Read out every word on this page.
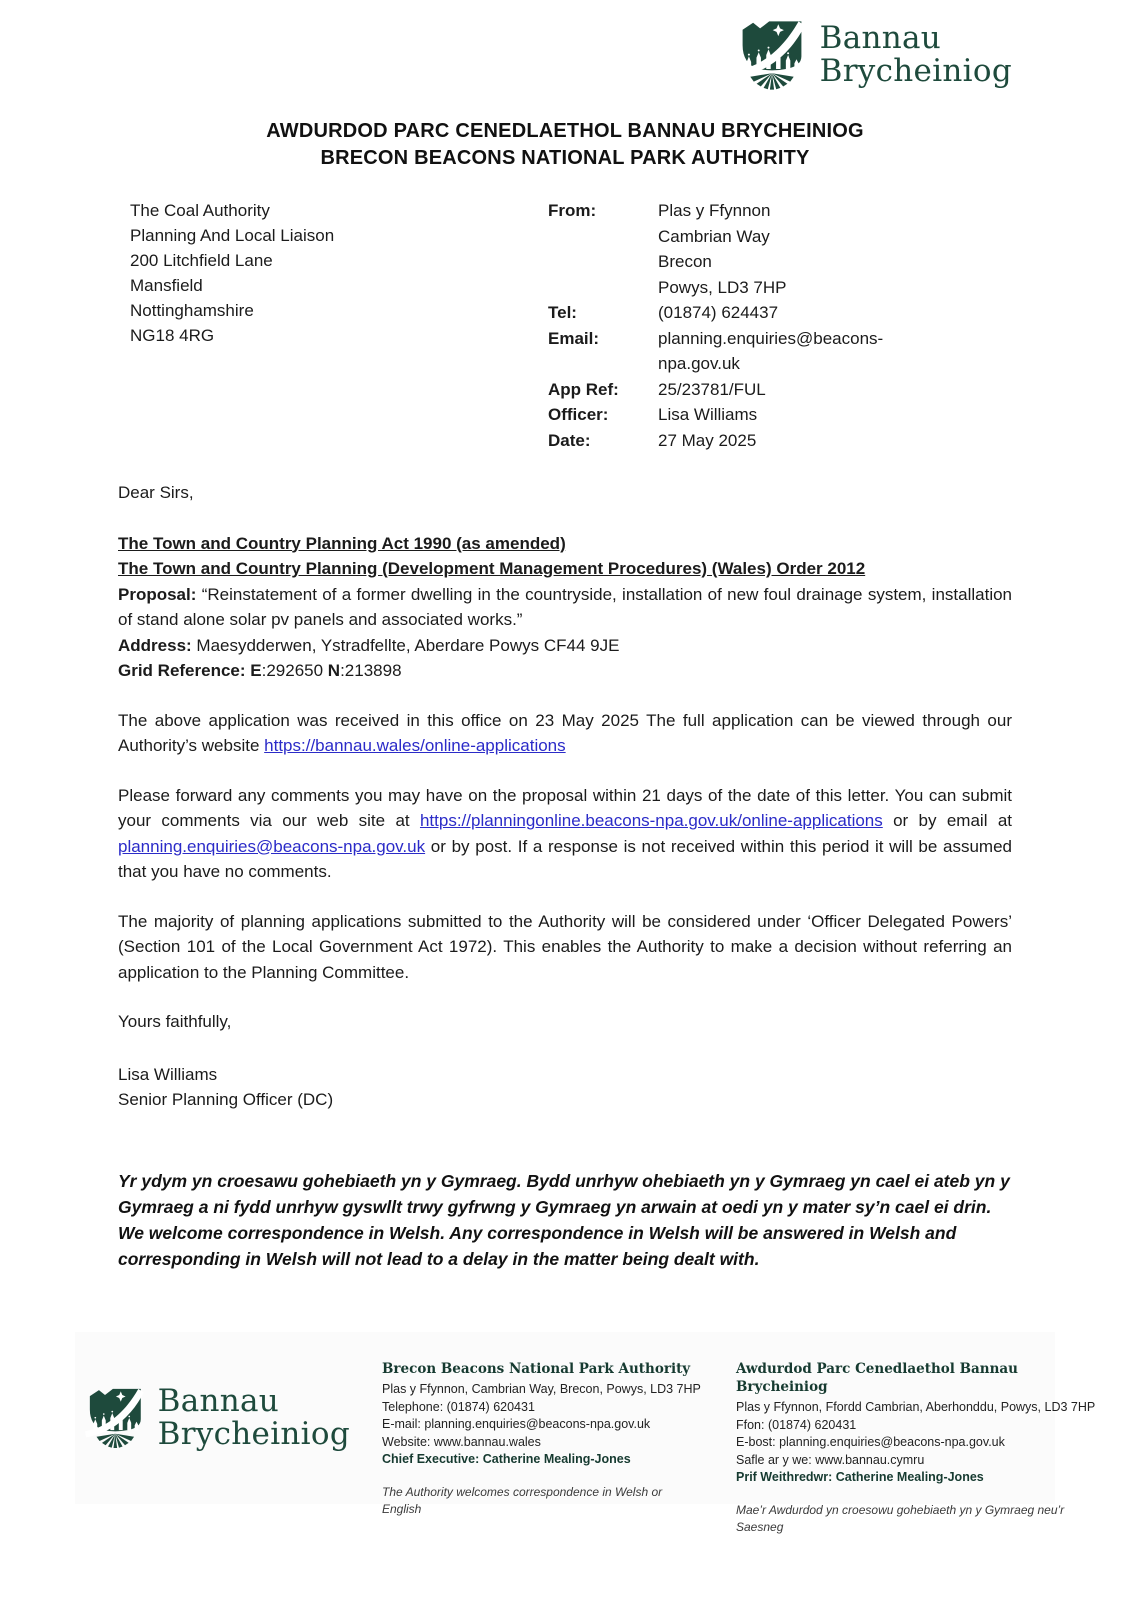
Bannau
Brycheiniog
AWDURDOD PARC CENEDLAETHOL BANNAU BRYCHEINIOG
BRECON BEACONS NATIONAL PARK AUTHORITY
The Coal Authority
Planning And Local Liaison
200 Litchfield Lane
Mansfield
Nottinghamshire
NG18 4RG
From:	Plas y Ffynnon
Cambrian Way
Brecon
Powys, LD3 7HP
Tel:	(01874) 624437
Email:	planning.enquiries@beacons-npa.gov.uk
App Ref:	25/23781/FUL
Officer:	Lisa Williams
Date:	27 May 2025
Dear Sirs,
The Town and Country Planning Act 1990 (as amended)
The Town and Country Planning (Development Management Procedures) (Wales) Order 2012
Proposal: “Reinstatement of a former dwelling in the countryside, installation of new foul drainage system, installation of stand alone solar pv panels and associated works.”
Address: Maesydderwen, Ystradfellte, Aberdare Powys CF44 9JE
Grid Reference: E:292650 N:213898
The above application was received in this office on 23 May 2025 The full application can be viewed through our Authority’s website https://bannau.wales/online-applications
Please forward any comments you may have on the proposal within 21 days of the date of this letter. You can submit your comments via our web site at https://planningonline.beacons-npa.gov.uk/online-applications or by email at planning.enquiries@beacons-npa.gov.uk or by post. If a response is not received within this period it will be assumed that you have no comments.
The majority of planning applications submitted to the Authority will be considered under ‘Officer Delegated Powers’ (Section 101 of the Local Government Act 1972). This enables the Authority to make a decision without referring an application to the Planning Committee.
Yours faithfully,
Lisa Williams
Senior Planning Officer (DC)
Yr ydym yn croesawu gohebiaeth yn y Gymraeg. Bydd unrhyw ohebiaeth yn y Gymraeg yn cael ei ateb yn y Gymraeg a ni fydd unrhyw gyswllt trwy gyfrwng y Gymraeg yn arwain at oedi yn y mater sy’n cael ei drin.
We welcome correspondence in Welsh. Any correspondence in Welsh will be answered in Welsh and corresponding in Welsh will not lead to a delay in the matter being dealt with.
Bannau
Brycheiniog
Brecon Beacons National Park Authority
Plas y Ffynnon, Cambrian Way, Brecon, Powys, LD3 7HP
Telephone: (01874) 620431
E-mail: planning.enquiries@beacons-npa.gov.uk
Website: www.bannau.wales
Chief Executive: Catherine Mealing-Jones
The Authority welcomes correspondence in Welsh or English
Awdurdod Parc Cenedlaethol Bannau Brycheiniog
Plas y Ffynnon, Ffordd Cambrian, Aberhonddu, Powys, LD3 7HP
Ffon: (01874) 620431
E-bost: planning.enquiries@beacons-npa.gov.uk
Safle ar y we: www.bannau.cymru
Prif Weithredwr: Catherine Mealing-Jones
Mae’r Awdurdod yn croesowu gohebiaeth yn y Gymraeg neu’r Saesneg
